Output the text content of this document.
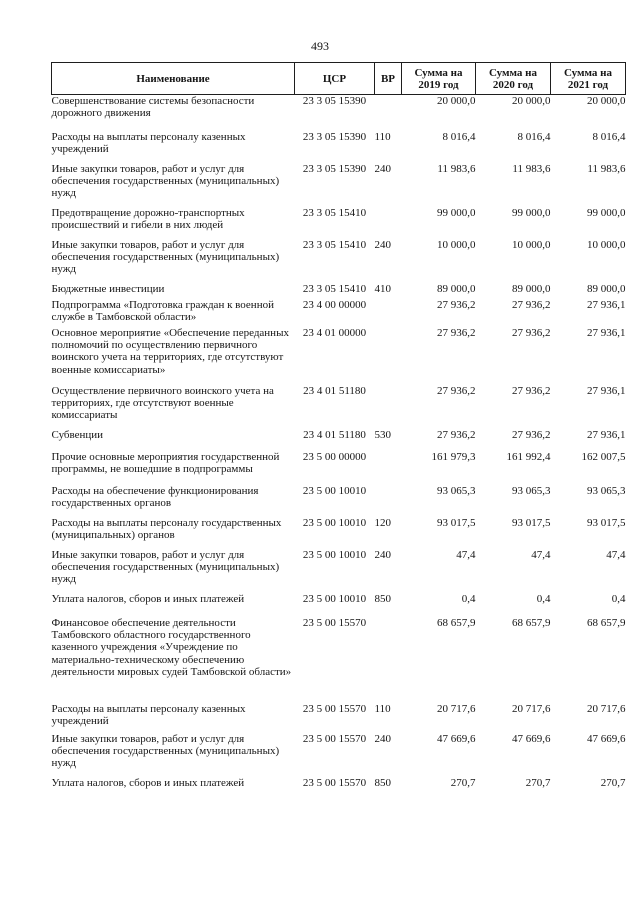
493
Наименование	ЦСР	ВР	Сумма на 2019 год	Сумма на 2020 год	Сумма на 2021 год
Совершенствование системы безопасности дорожного движения	23 3 05 15390		20 000,0	20 000,0	20 000,0
Расходы на выплаты персоналу казенных учреждений	23 3 05 15390	110	8 016,4	8 016,4	8 016,4
Иные закупки товаров, работ и услуг для обеспечения государственных (муниципальных) нужд	23 3 05 15390	240	11 983,6	11 983,6	11 983,6
Предотвращение дорожно-транспортных происшествий и гибели в них людей	23 3 05 15410		99 000,0	99 000,0	99 000,0
Иные закупки товаров, работ и услуг для обеспечения государственных (муниципальных) нужд	23 3 05 15410	240	10 000,0	10 000,0	10 000,0
Бюджетные инвестиции	23 3 05 15410	410	89 000,0	89 000,0	89 000,0
Подпрограмма «Подготовка граждан к военной службе в Тамбовской области»	23 4 00 00000		27 936,2	27 936,2	27 936,1
Основное мероприятие «Обеспечение переданных полномочий по осуществлению первичного воинского учета на территориях, где отсутствуют военные комиссариаты»	23 4 01 00000		27 936,2	27 936,2	27 936,1
Осуществление первичного воинского учета на территориях, где отсутствуют военные комиссариаты	23 4 01 51180		27 936,2	27 936,2	27 936,1
Субвенции	23 4 01 51180	530	27 936,2	27 936,2	27 936,1
Прочие основные мероприятия государственной программы, не вошедшие в подпрограммы	23 5 00 00000		161 979,3	161 992,4	162 007,5
Расходы на обеспечение функционирования государственных органов	23 5 00 10010		93 065,3	93 065,3	93 065,3
Расходы на выплаты персоналу государственных (муниципальных) органов	23 5 00 10010	120	93 017,5	93 017,5	93 017,5
Иные закупки товаров, работ и услуг для обеспечения государственных (муниципальных) нужд	23 5 00 10010	240	47,4	47,4	47,4
Уплата налогов, сборов и иных платежей	23 5 00 10010	850	0,4	0,4	0,4
Финансовое обеспечение деятельности Тамбовского областного государственного казенного учреждения «Учреждение по материально-техническому обеспечению деятельности мировых судей Тамбовской области»	23 5 00 15570		68 657,9	68 657,9	68 657,9
Расходы на выплаты персоналу казенных учреждений	23 5 00 15570	110	20 717,6	20 717,6	20 717,6
Иные закупки товаров, работ и услуг для обеспечения государственных (муниципальных) нужд	23 5 00 15570	240	47 669,6	47 669,6	47 669,6
Уплата налогов, сборов и иных платежей	23 5 00 15570	850	270,7	270,7	270,7
